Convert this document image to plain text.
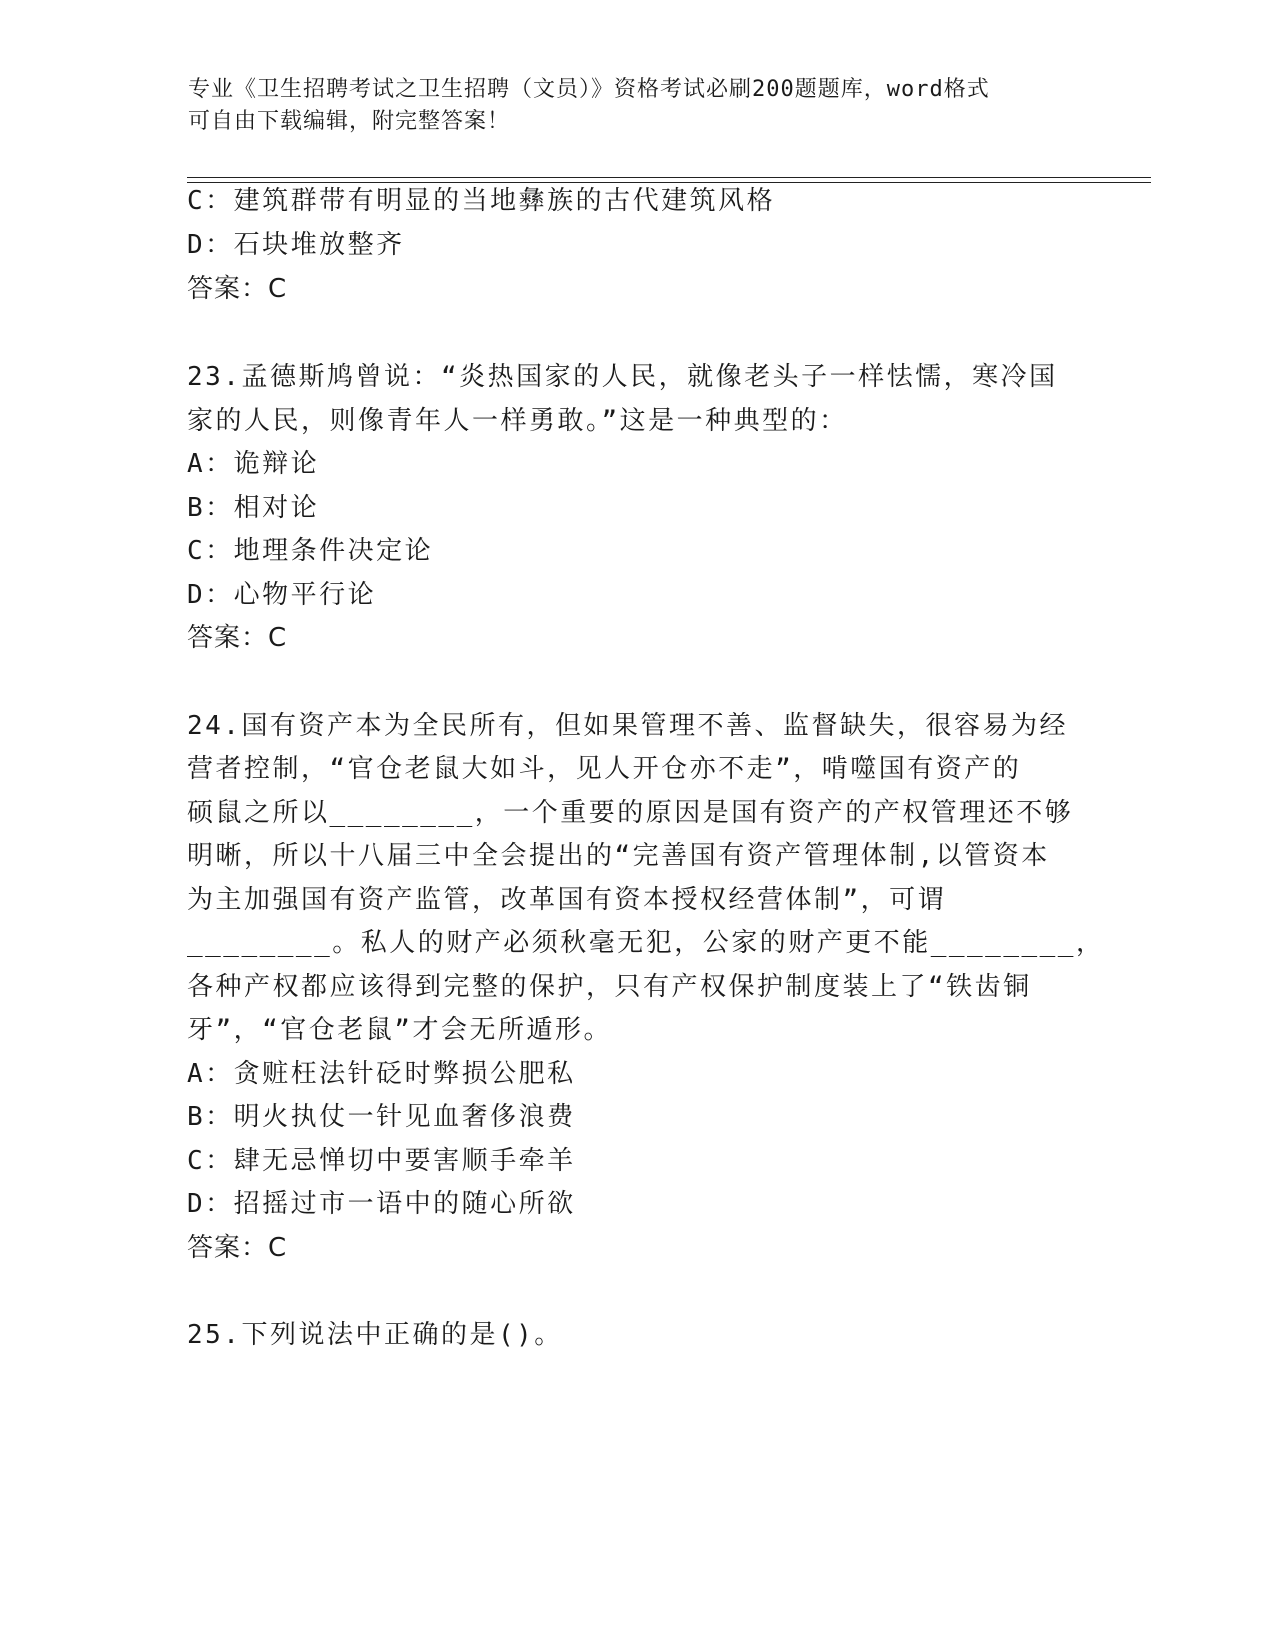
专业《卫生招聘考试之卫生招聘（文员）》资格考试必刷200题题库，word格式
可自由下载编辑，附完整答案！
C：建筑群带有明显的当地彝族的古代建筑风格
D：石块堆放整齐
答案：C
23.孟德斯鸠曾说：“炎热国家的人民，就像老头子一样怯懦，寒冷国
家的人民，则像青年人一样勇敢。”这是一种典型的：
A：诡辩论
B：相对论
C：地理条件决定论
D：心物平行论
答案：C
24.国有资产本为全民所有，但如果管理不善、监督缺失，很容易为经
营者控制，“官仓老鼠大如斗，见人开仓亦不走”，啃噬国有资产的
硕鼠之所以________，一个重要的原因是国有资产的产权管理还不够
明晰，所以十八届三中全会提出的“完善国有资产管理体制,以管资本
为主加强国有资产监管，改革国有资本授权经营体制”，可谓
________。私人的财产必须秋毫无犯，公家的财产更不能________，
各种产权都应该得到完整的保护，只有产权保护制度装上了“铁齿铜
牙”，“官仓老鼠”才会无所遁形。
A：贪赃枉法针砭时弊损公肥私
B：明火执仗一针见血奢侈浪费
C：肆无忌惮切中要害顺手牵羊
D：招摇过市一语中的随心所欲
答案：C
25.下列说法中正确的是()。
